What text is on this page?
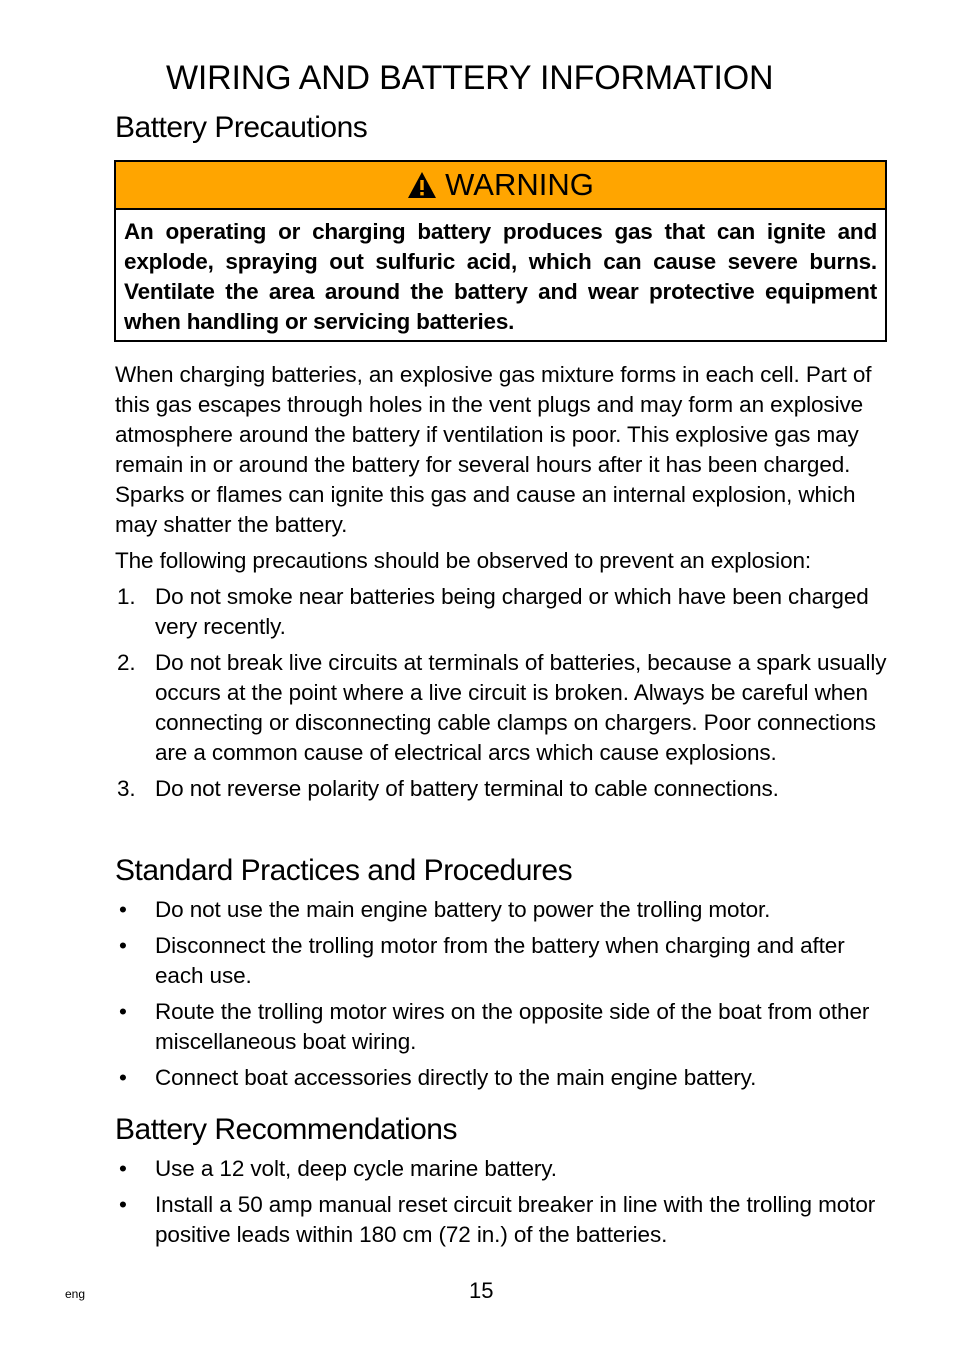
WIRING AND BATTERY INFORMATION
Battery Precautions
WARNING
An operating or charging battery produces gas that can ignite and explode, spraying out sulfuric acid, which can cause severe burns. Ventilate the area around the battery and wear protective equipment when handling or servicing batteries.
When charging batteries, an explosive gas mixture forms in each cell. Part of this gas escapes through holes in the vent plugs and may form an explosive atmosphere around the battery if ventilation is poor. This explosive gas may remain in or around the battery for several hours after it has been charged. Sparks or flames can ignite this gas and cause an internal explosion, which may shatter the battery.
The following precautions should be observed to prevent an explosion:
1. Do not smoke near batteries being charged or which have been charged very recently.
2. Do not break live circuits at terminals of batteries, because a spark usually occurs at the point where a live circuit is broken. Always be careful when connecting or disconnecting cable clamps on chargers. Poor connections are a common cause of electrical arcs which cause explosions.
3. Do not reverse polarity of battery terminal to cable connections.
Standard Practices and Procedures
• Do not use the main engine battery to power the trolling motor.
• Disconnect the trolling motor from the battery when charging and after each use.
• Route the trolling motor wires on the opposite side of the boat from other miscellaneous boat wiring.
• Connect boat accessories directly to the main engine battery.
Battery Recommendations
• Use a 12 volt, deep cycle marine battery.
• Install a 50 amp manual reset circuit breaker in line with the trolling motor positive leads within 180 cm (72 in.) of the batteries.
eng	15
